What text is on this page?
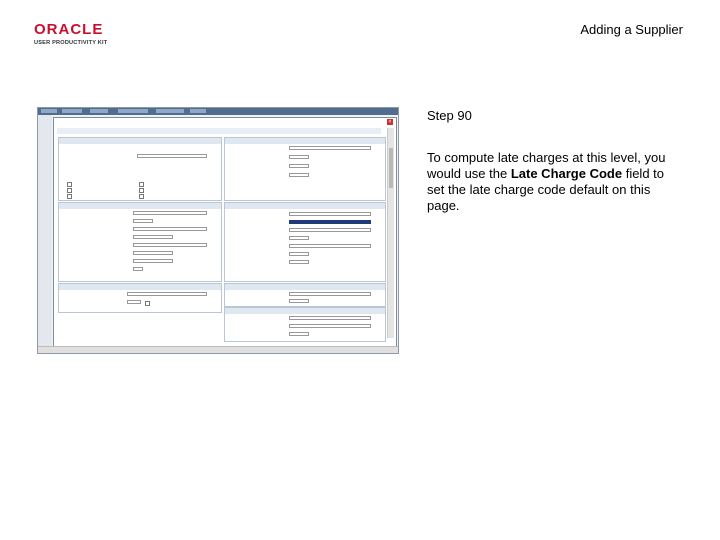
ORACLE
USER PRODUCTIVITY KIT
Adding a Supplier
×	Step 90
To compute late charges at this level, you would use the Late Charge Code field to set the late charge code default on this page.
